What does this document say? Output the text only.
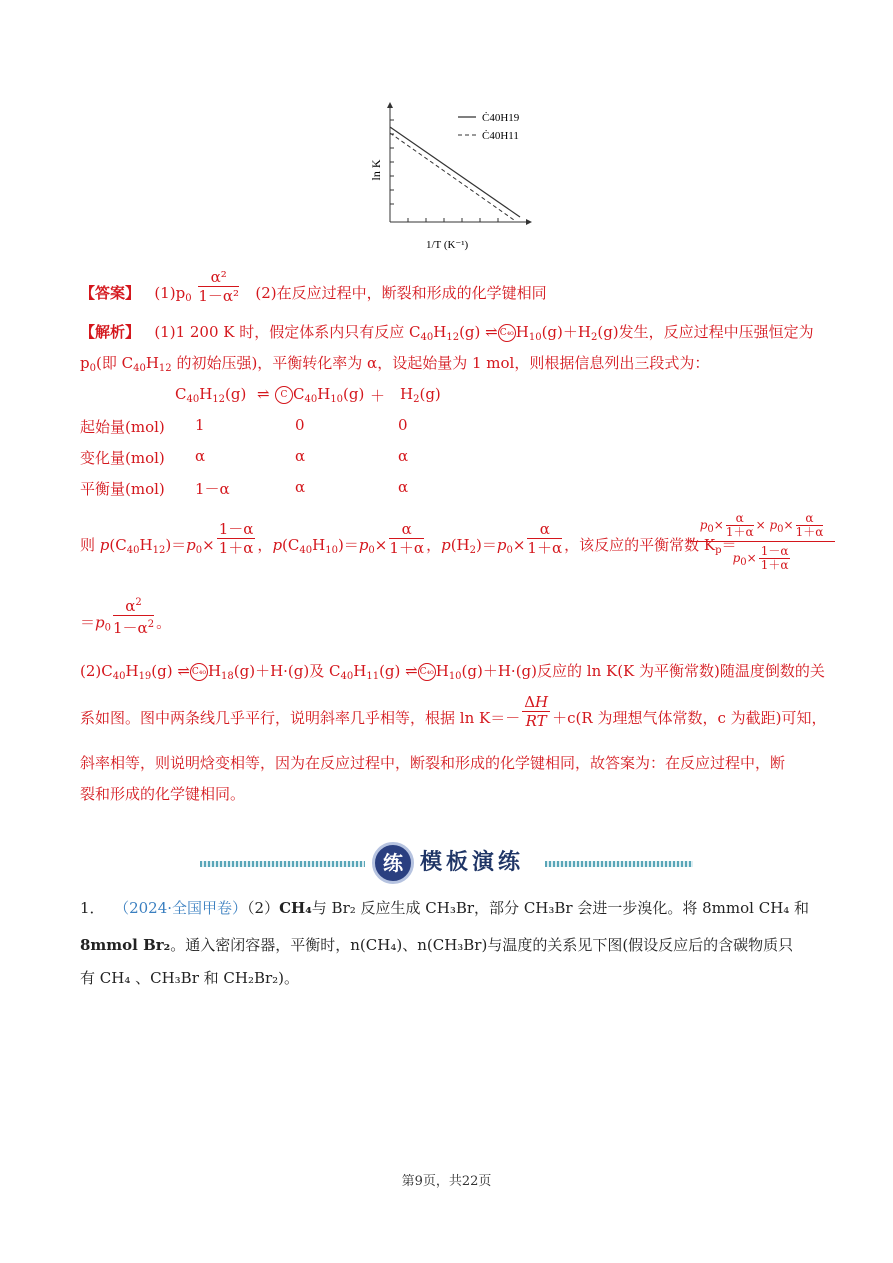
ln K
Ċ40H19
Ċ40H11
1/T (K⁻¹)
【答案】 $(1)p_0 \frac{\text{α²}}{\text{1－α²}} (2)$在反应过程中，断裂和形成的化学键相同
【解析】 (1)1 200 K 时，假定体系内只有反应 $C_{40}H_{12}(g)$ ⇌ C₄₀ $H_{10}(g)+H_2(g)$发生，反应过程中压强恒定为
$p_0$(即 $C_{40}H_{12}$ 的初始压强)，平衡转化率为 α，设起始量为 1 mol，则根据信息列出三段式为：
$C_{40}H_{12}(g)$ ⇌	C $C_{40}H_{10}(g) + H_2(g)$
起始量(mol) 1	0	0
变化量(mol) α	α	α
平衡量(mol) 1－α	α	α
则 $p(C_{40}H_{12})=p_0\times \frac{1-\alpha}{1+\alpha}$ ，$p(C_{40}H_{10})=p_0\times \frac{\alpha}{1+\alpha}$ ，$p(H_2)=p_0\times \frac{\alpha}{1+\alpha}$ ，该反应的平衡常数 $K_p=$
$p_0\times \frac{\alpha}{1+\alpha} \times p_0\times \frac{\alpha}{1+\alpha}$
$p_0\times \frac{1-\alpha}{1+\alpha}$
$=p_0 \frac{\alpha^2}{1-\alpha^2}$ 。
$(2)C_{40}H_{19}(g)$ ⇌ C₄₀ $H_{18}(g)+H\cdot(g)$及 $C_{40}H_{11}(g)$ ⇌ C₄₀ $H_{10}(g)+H\cdot(g)$反应的 ln K(K 为平衡常数)随温度倒数的关
系如图。图中两条线几乎平行，说明斜率几乎相等，根据 $\ln K=- \frac{\Delta H}{RT} +c(R$ 为理想气体常数，c 为截距)可知，
斜率相等，则说明焓变相等，因为在反应过程中，断裂和形成的化学键相同，故答案为：在反应过程中，断
裂和形成的化学键相同。
练 模板演练
1． （2024·全国甲卷）（2）CH₄与 Br₂ 反应生成 CH₃Br，部分 CH₃Br 会进一步溴化。将 8mmol CH₄ 和
8mmol Br₂。通入密闭容器，平衡时，n(CH₄)、n(CH₃Br)与温度的关系见下图(假设反应后的含碳物质只
有 CH₄ 、CH₃Br 和 CH₂Br₂)。
第9页，共22页
